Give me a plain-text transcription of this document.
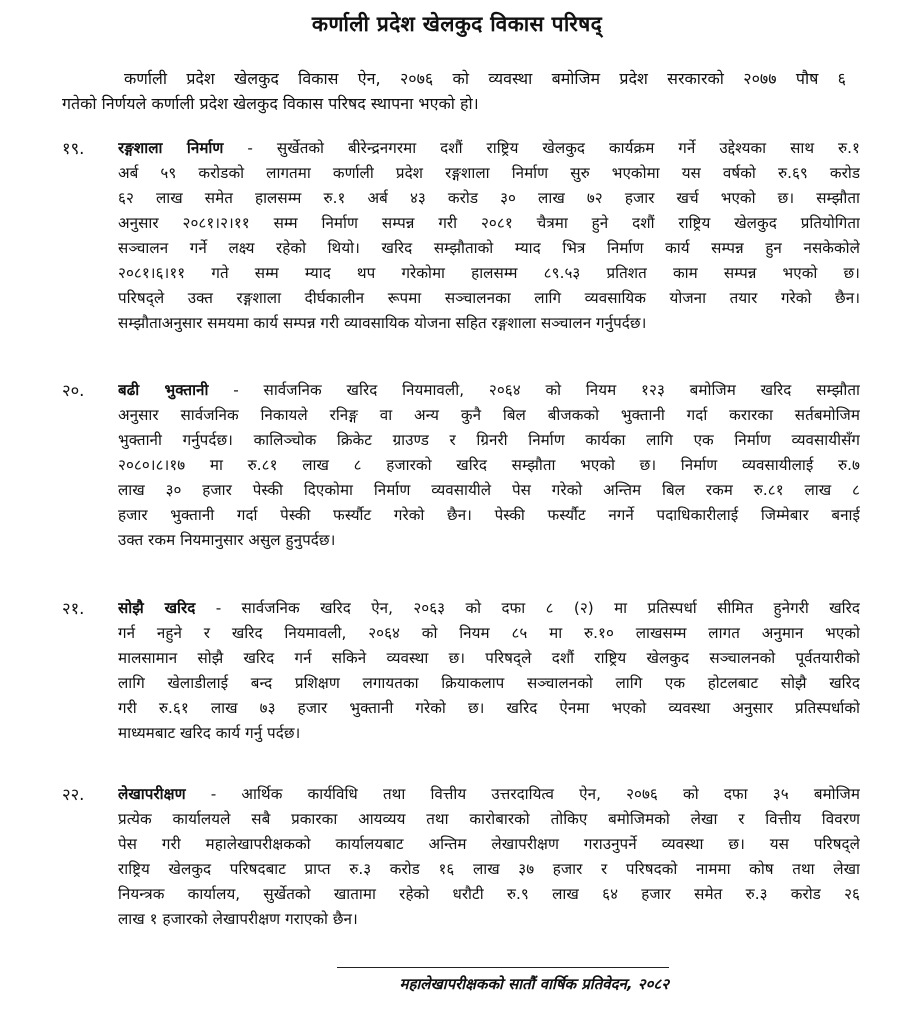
कर्णाली प्रदेश खेलकुद विकास परिषद्
कर्णाली प्रदेश खेलकुद विकास ऐन, २०७६ को व्यवस्था बमोजिम प्रदेश सरकारको २०७७ पौष ६
गतेको निर्णयले कर्णाली प्रदेश खेलकुद विकास परिषद स्थापना भएको हो।
१९.	रङ्गशाला निर्माण - सुर्खेतको बीरेन्द्रनगरमा दशौं राष्ट्रिय खेलकुद कार्यक्रम गर्ने उद्देश्यका साथ रु.१
अर्ब ५९ करोडको लागतमा कर्णाली प्रदेश रङ्गशाला निर्माण सुरु भएकोमा यस वर्षको रु.६९ करोड
६२ लाख समेत हालसम्म रु.१ अर्ब ४३ करोड ३० लाख ७२ हजार खर्च भएको छ। सम्झौता
अनुसार २०८१।२।११ सम्म निर्माण सम्पन्न गरी २०८१ चैत्रमा हुने दशौं राष्ट्रिय खेलकुद प्रतियोगिता
सञ्चालन गर्ने लक्ष्य रहेको थियो। खरिद सम्झौताको म्याद भित्र निर्माण कार्य सम्पन्न हुन नसकेकोले
२०८१।६।११ गते सम्म म्याद थप गरेकोमा हालसम्म ८९.५३ प्रतिशत काम सम्पन्न भएको छ।
परिषद्ले उक्त रङ्गशाला दीर्घकालीन रूपमा सञ्चालनका लागि व्यवसायिक योजना तयार गरेको छैन।
सम्झौताअनुसार समयमा कार्य सम्पन्न गरी व्यावसायिक योजना सहित रङ्गशाला सञ्चालन गर्नुपर्दछ।
२०.	बढी भुक्तानी - सार्वजनिक खरिद नियमावली, २०६४ को नियम १२३ बमोजिम खरिद सम्झौता
अनुसार सार्वजनिक निकायले रनिङ्ग वा अन्य कुनै बिल बीजकको भुक्तानी गर्दा करारका सर्तबमोजिम
भुक्तानी गर्नुपर्दछ। कालिञ्चोक क्रिकेट ग्राउण्ड र ग्रिनरी निर्माण कार्यका लागि एक निर्माण व्यवसायीसँग
२०८०।८।१७ मा रु.८१ लाख ८ हजारको खरिद सम्झौता भएको छ। निर्माण व्यवसायीलाई रु.७
लाख ३० हजार पेस्की दिएकोमा निर्माण व्यवसायीले पेस गरेको अन्तिम बिल रकम रु.८१ लाख ८
हजार भुक्तानी गर्दा पेस्की फर्स्यौट गरेको छैन। पेस्की फर्स्यौट नगर्ने पदाधिकारीलाई जिम्मेबार बनाई
उक्त रकम नियमानुसार असुल हुनुपर्दछ।
२१.	सोझै खरिद - सार्वजनिक खरिद ऐन, २०६३ को दफा ८ (२) मा प्रतिस्पर्धा सीमित हुनेगरी खरिद
गर्न नहुने र खरिद नियमावली, २०६४ को नियम ८५ मा रु.१० लाखसम्म लागत अनुमान भएको
मालसामान सोझै खरिद गर्न सकिने व्यवस्था छ। परिषद्ले दशौं राष्ट्रिय खेलकुद सञ्चालनको पूर्वतयारीको
लागि खेलाडीलाई बन्द प्रशिक्षण लगायतका क्रियाकलाप सञ्चालनको लागि एक होटलबाट सोझै खरिद
गरी रु.६१ लाख ७३ हजार भुक्तानी गरेको छ। खरिद ऐनमा भएको व्यवस्था अनुसार प्रतिस्पर्धाको
माध्यमबाट खरिद कार्य गर्नु पर्दछ।
२२.	लेखापरीक्षण - आर्थिक कार्यविधि तथा वित्तीय उत्तरदायित्व ऐन, २०७६ को दफा ३५ बमोजिम
प्रत्येक कार्यालयले सबै प्रकारका आयव्यय तथा कारोबारको तोकिए बमोजिमको लेखा र वित्तीय विवरण
पेस गरी महालेखापरीक्षकको कार्यालयबाट अन्तिम लेखापरीक्षण गराउनुपर्ने व्यवस्था छ। यस परिषद्ले
राष्ट्रिय खेलकुद परिषदबाट प्राप्त रु.३ करोड १६ लाख ३७ हजार र परिषदको नाममा कोष तथा लेखा
नियन्त्रक कार्यालय, सुर्खेतको खातामा रहेको धरौटी रु.९ लाख ६४ हजार समेत रु.३ करोड २६
लाख १ हजारको लेखापरीक्षण गराएको छैन।
महालेखापरीक्षकको सातौं वार्षिक प्रतिवेदन, २०८२
